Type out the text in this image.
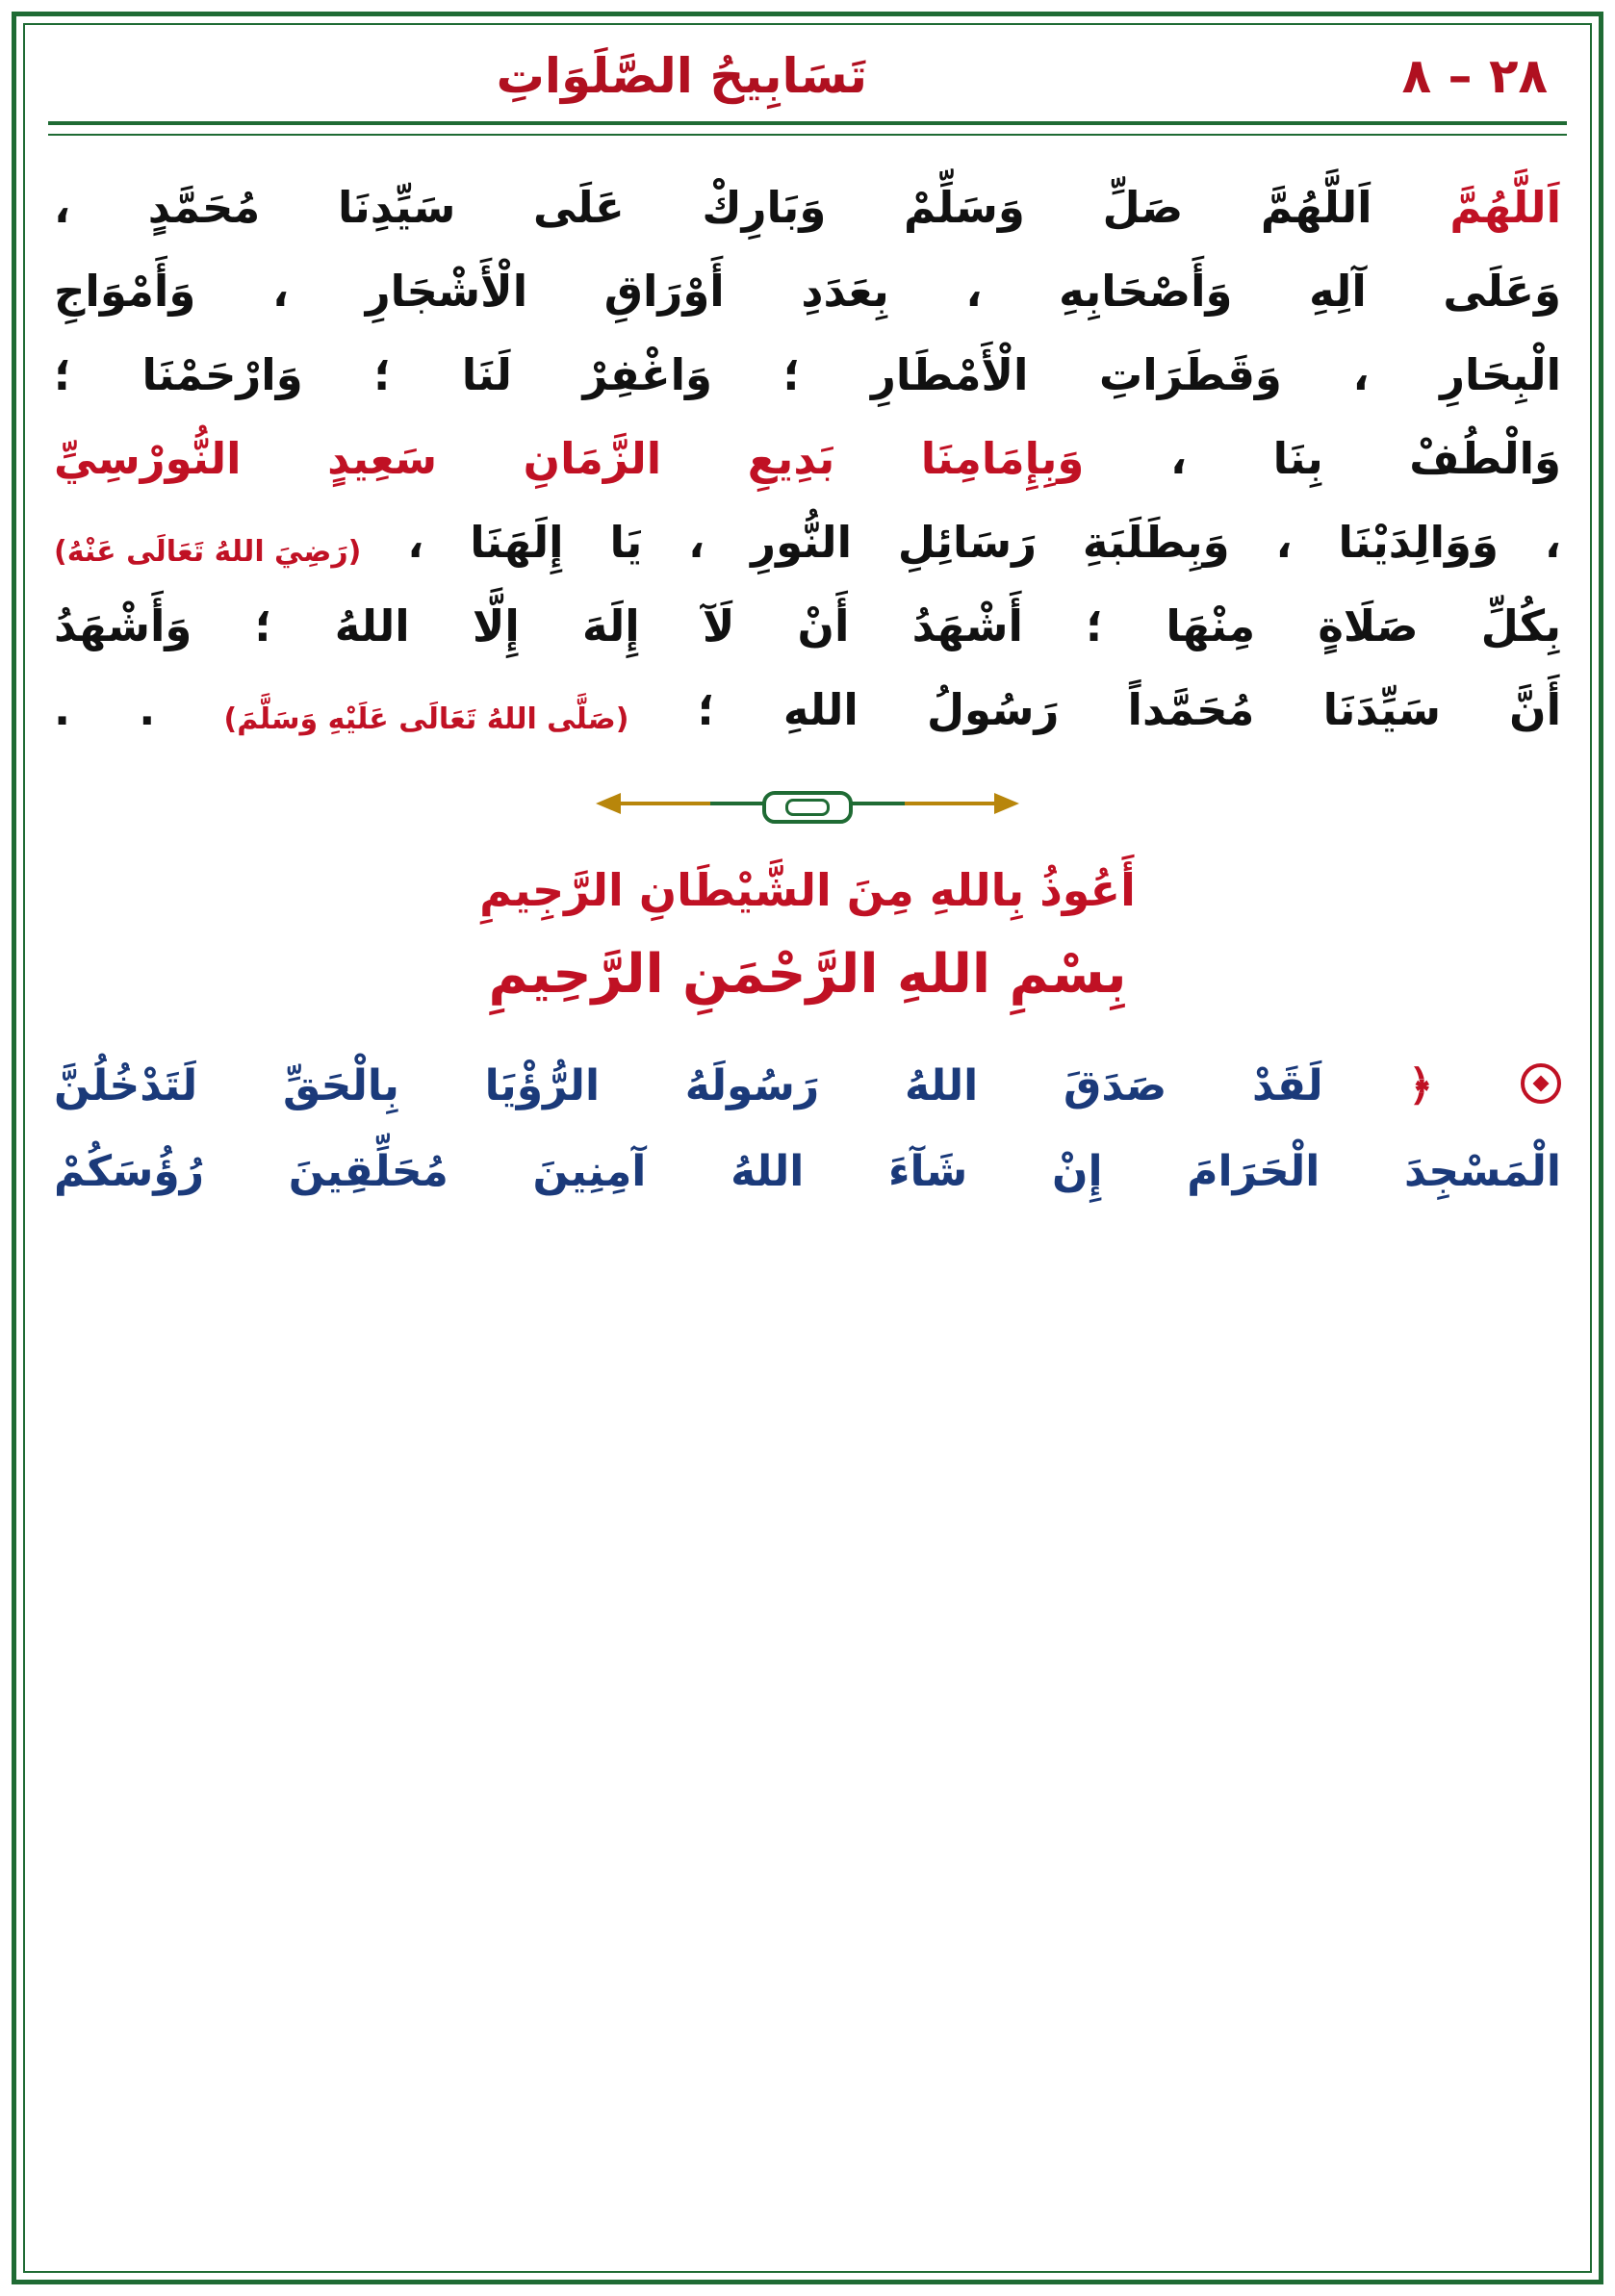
٢٨ – ٨
تَسَابِيحُ الصَّلَوَاتِ

اَللَّهُمَّ اَللَّهُمَّ صَلِّ وَسَلِّمْ وَبَارِكْ عَلَى سَيِّدِنَا مُحَمَّدٍ ،

وَعَلَى آلِهِ وَأَصْحَابِهِ ، بِعَدَدِ أَوْرَاقِ الْأَشْجَارِ ، وَأَمْوَاجِ

الْبِحَارِ ، وَقَطَرَاتِ الْأَمْطَارِ ؛ وَاغْفِرْ لَنَا ؛ وَارْحَمْنَا ؛

وَالْطُفْ بِنَا ، وَبِإِمَامِنَا بَدِيعِ الزَّمَانِ سَعِيدٍ النُّورْسِيِّ

، وَوَالِدَيْنَا ، وَبِطَلَبَةِ رَسَائِلِ النُّورِ ، يَا إِلَهَنَا ، (رَضِيَ اللهُ تَعَالَى عَنْهُ)

بِكُلِّ صَلَاةٍ مِنْهَا ؛ أَشْهَدُ أَنْ لَآ إِلَهَ إِلَّا اللهُ ؛ وَأَشْهَدُ

أَنَّ سَيِّدَنَا مُحَمَّداً رَسُولُ اللهِ ؛ (صَلَّى اللهُ تَعَالَى عَلَيْهِ وَسَلَّمَ) . .

أَعُوذُ بِاللهِ مِنَ الشَّيْطَانِ الرَّجِيمِ
بِسْمِ اللهِ الرَّحْمَنِ الرَّحِيمِ

﴿ لَقَدْ صَدَقَ اللهُ رَسُولَهُ الرُّؤْيَا بِالْحَقِّ لَتَدْخُلُنَّ

الْمَسْجِدَ الْحَرَامَ إِنْ شَآءَ اللهُ آمِنِينَ مُحَلِّقِينَ رُؤُسَكُمْ
